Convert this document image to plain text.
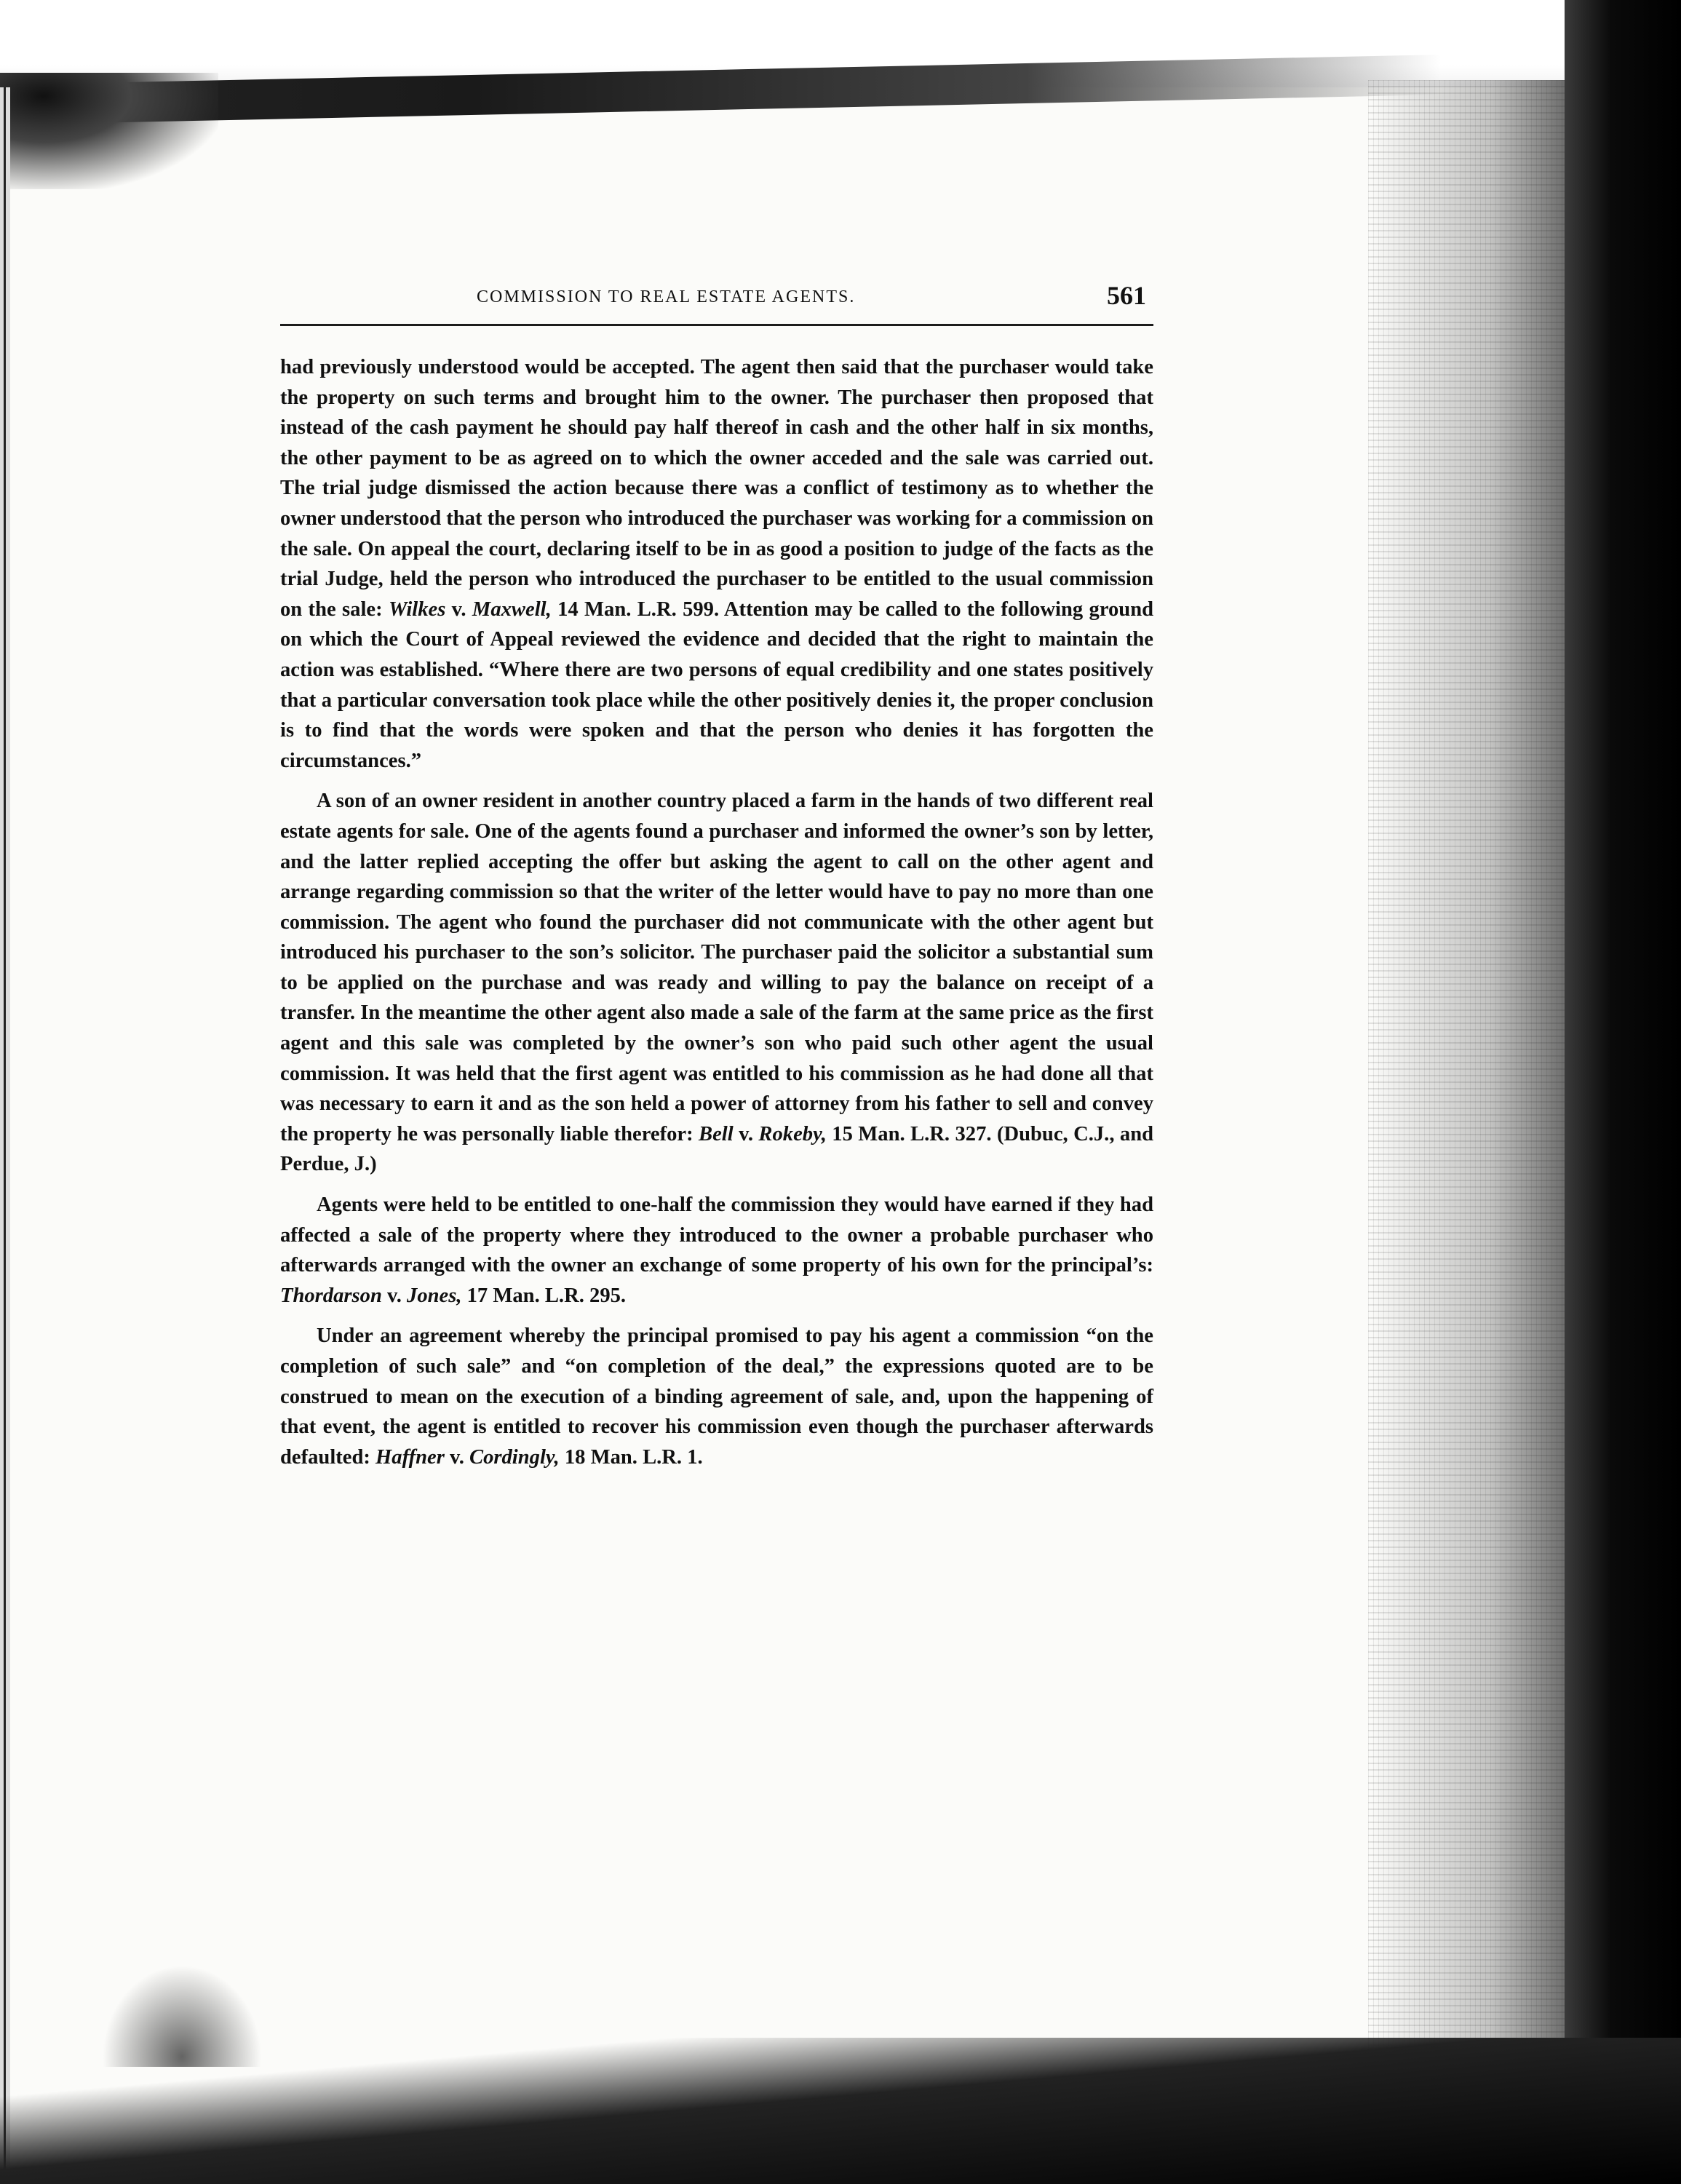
COMMISSION TO REAL ESTATE AGENTS.	561

had previously understood would be accepted. The agent then said that the purchaser would take the property on such terms and brought him to the owner. The purchaser then proposed that instead of the cash payment he should pay half thereof in cash and the other half in six months, the other payment to be as agreed on to which the owner acceded and the sale was carried out. The trial judge dismissed the action because there was a conflict of testimony as to whether the owner understood that the person who introduced the purchaser was working for a commission on the sale. On appeal the court, declaring itself to be in as good a position to judge of the facts as the trial Judge, held the person who introduced the purchaser to be entitled to the usual commission on the sale: Wilkes v. Maxwell, 14 Man. L.R. 599. Attention may be called to the following ground on which the Court of Appeal reviewed the evidence and decided that the right to maintain the action was established. “Where there are two persons of equal credibility and one states positively that a particular conversation took place while the other positively denies it, the proper conclusion is to find that the words were spoken and that the person who denies it has forgotten the circumstances.”

A son of an owner resident in another country placed a farm in the hands of two different real estate agents for sale. One of the agents found a purchaser and informed the owner’s son by letter, and the latter replied accepting the offer but asking the agent to call on the other agent and arrange regarding commission so that the writer of the letter would have to pay no more than one commission. The agent who found the purchaser did not communicate with the other agent but introduced his purchaser to the son’s solicitor. The purchaser paid the solicitor a substantial sum to be applied on the purchase and was ready and willing to pay the balance on receipt of a transfer. In the meantime the other agent also made a sale of the farm at the same price as the first agent and this sale was completed by the owner’s son who paid such other agent the usual commission. It was held that the first agent was entitled to his commission as he had done all that was necessary to earn it and as the son held a power of attorney from his father to sell and convey the property he was personally liable therefor: Bell v. Rokeby, 15 Man. L.R. 327. (Dubuc, C.J., and Perdue, J.)

Agents were held to be entitled to one-half the commission they would have earned if they had affected a sale of the property where they introduced to the owner a probable purchaser who afterwards arranged with the owner an exchange of some property of his own for the principal’s: Thordarson v. Jones, 17 Man. L.R. 295.

Under an agreement whereby the principal promised to pay his agent a commission “on the completion of such sale” and “on completion of the deal,” the expressions quoted are to be construed to mean on the execution of a binding agreement of sale, and, upon the happening of that event, the agent is entitled to recover his commission even though the purchaser afterwards defaulted: Haffner v. Cordingly, 18 Man. L.R. 1.
